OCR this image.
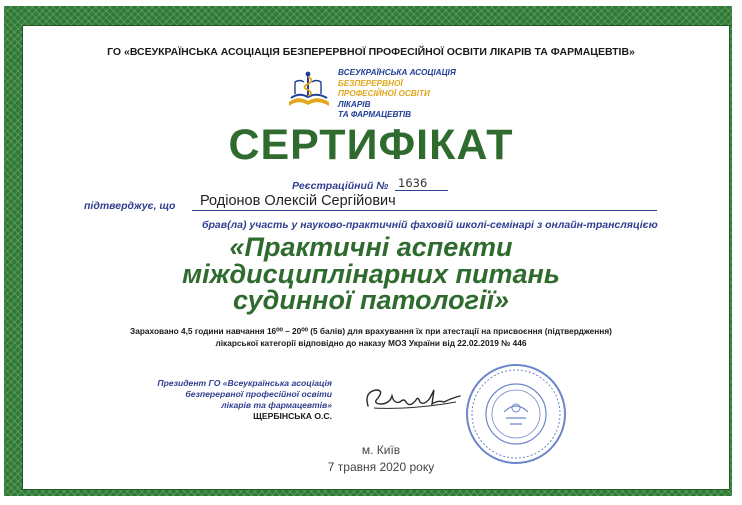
ГО «ВСЕУКРАЇНСЬКА АСОЦІАЦІЯ БЕЗПЕРЕРВНОЇ ПРОФЕСІЙНОЇ ОСВІТИ ЛІКАРІВ ТА ФАРМАЦЕВТІВ»
ВСЕУКРАЇНСЬКА АСОЦІАЦІЯ
БЕЗПЕРЕРВНОЇ
ПРОФЕСІЙНОЇ ОСВІТИ
ЛІКАРІВ
ТА ФАРМАЦЕВТІВ
СЕРТИФІКАТ
Реєстраційний № 1636
підтверджує, що Родіонов Олексій Сергійович
брав(ла) участь у науково-практичній фаховій школі-семінарі з онлайн-трансляцією
«Практичні аспекти
міждисциплінарних питань
судинної патології»
Зараховано 4,5 години навчання 16⁰⁰ – 20⁰⁰ (5 балів) для врахування їх при атестації на присвоєння (підтвердження)
лікарської категорії відповідно до наказу МОЗ України від 22.02.2019 № 446
Президент ГО «Всеукраїнська асоціація
безперервної професійної освіти
лікарів та фармацевтів»
ЩЕРБІНСЬКА О.С.
м. Київ
7 травня 2020 року
